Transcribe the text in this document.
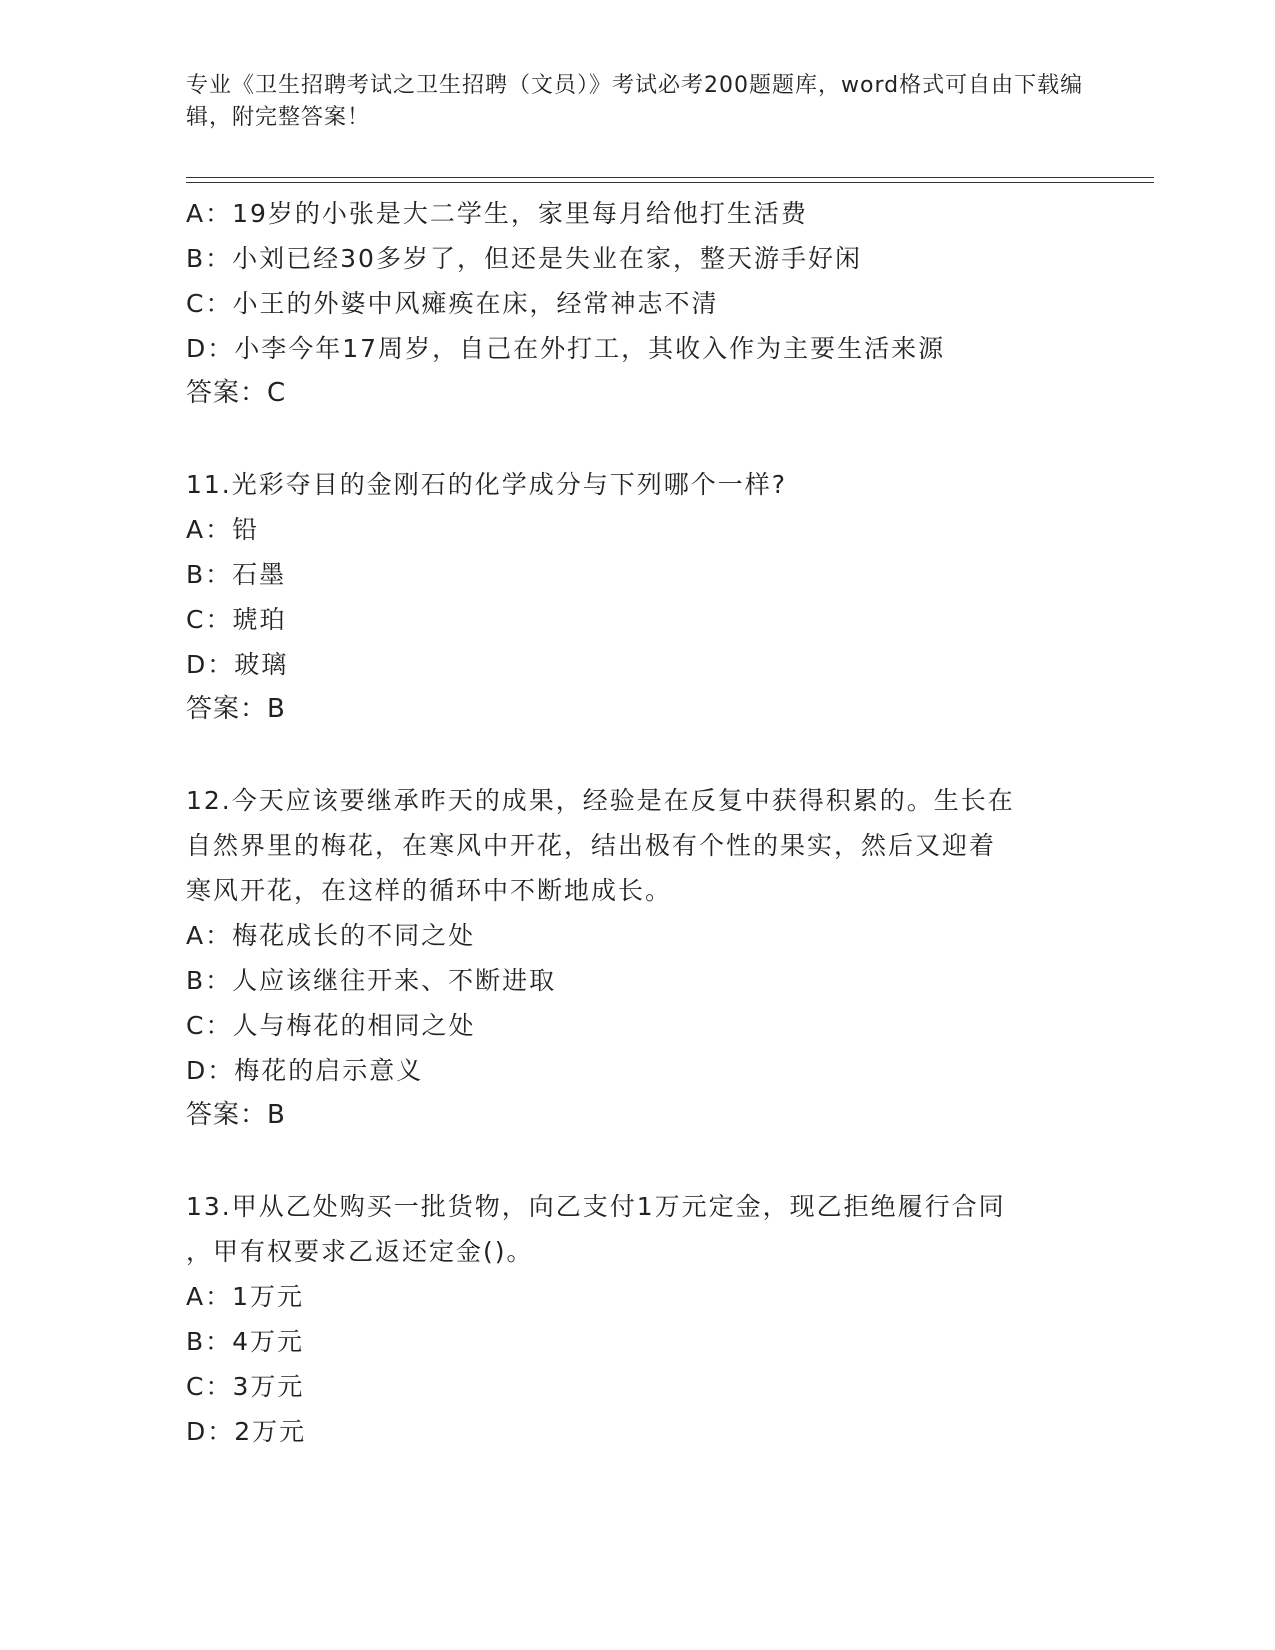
专业《卫生招聘考试之卫生招聘（文员）》考试必考200题题库，word格式可自由下载编辑，附完整答案！

A：19岁的小张是大二学生，家里每月给他打生活费

B：小刘已经30多岁了，但还是失业在家，整天游手好闲

C：小王的外婆中风瘫痪在床，经常神志不清

D：小李今年17周岁，自己在外打工，其收入作为主要生活来源

答案：C

11.光彩夺目的金刚石的化学成分与下列哪个一样?

A：铅

B：石墨

C：琥珀

D：玻璃

答案：B

12.今天应该要继承昨天的成果，经验是在反复中获得积累的。生长在

自然界里的梅花，在寒风中开花，结出极有个性的果实，然后又迎着

寒风开花，在这样的循环中不断地成长。

A：梅花成长的不同之处

B：人应该继往开来、不断进取

C：人与梅花的相同之处

D：梅花的启示意义

答案：B

13.甲从乙处购买一批货物，向乙支付1万元定金，现乙拒绝履行合同

，甲有权要求乙返还定金()。

A：1万元

B：4万元

C：3万元

D：2万元
